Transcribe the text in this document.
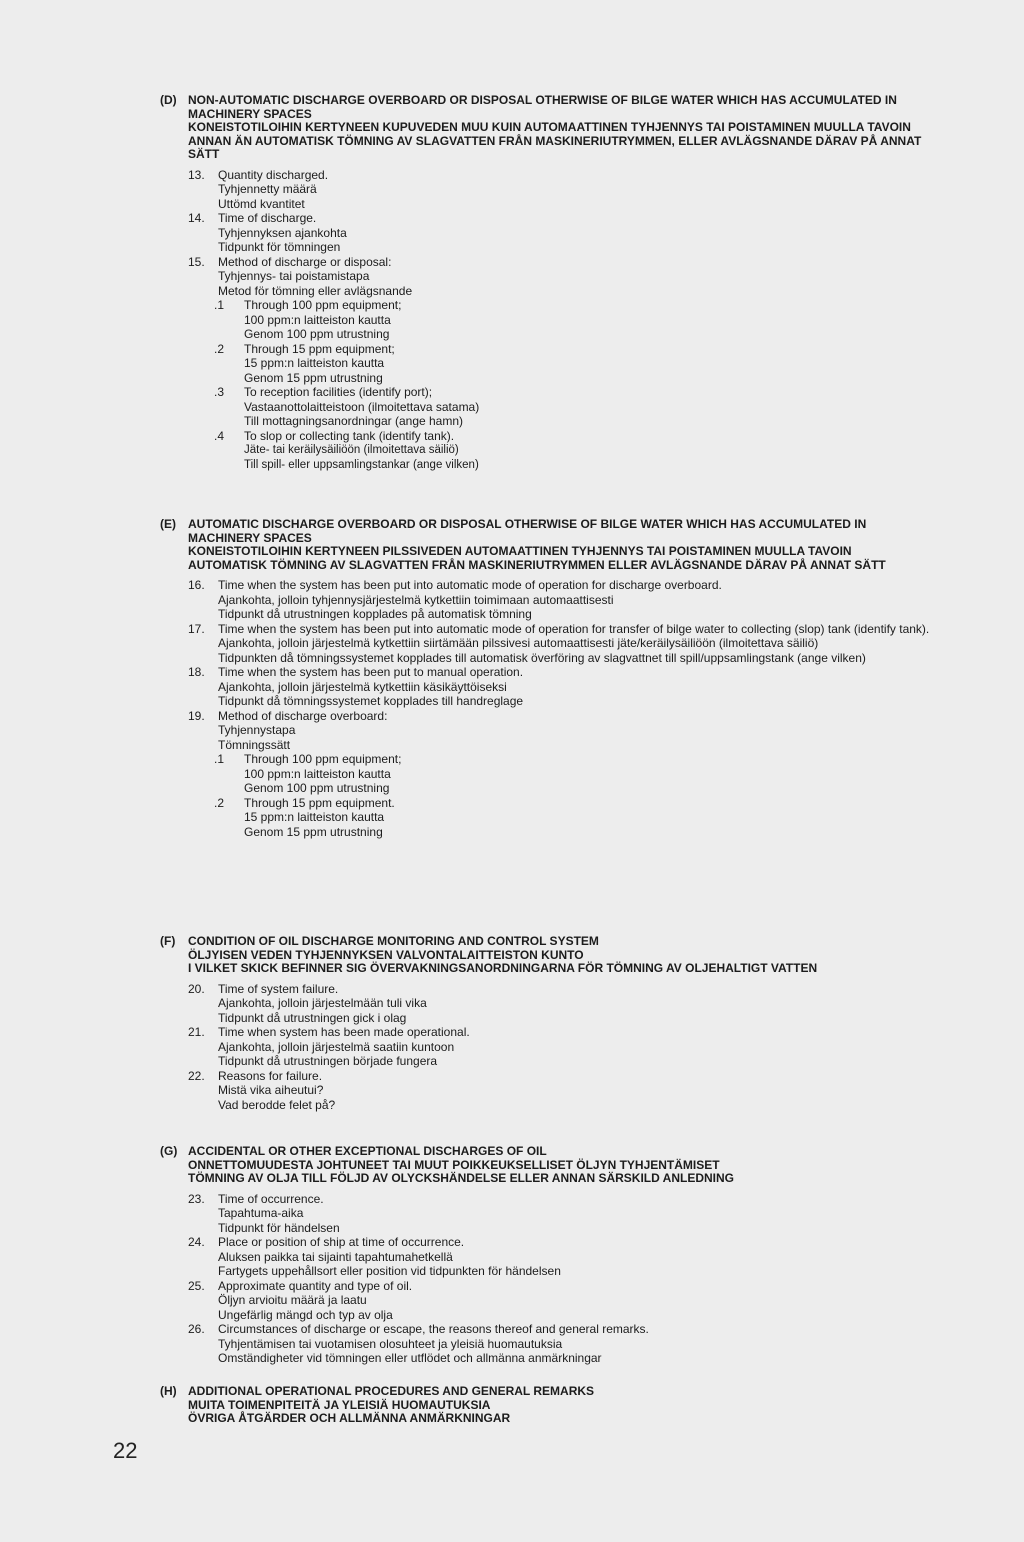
(D) NON-AUTOMATIC DISCHARGE OVERBOARD OR DISPOSAL OTHERWISE OF BILGE WATER WHICH HAS ACCUMULATED IN MACHINERY SPACES
KONEISTOTILOIHIN KERTYNEEN KUPUVEDEN MUU KUIN AUTOMAATTINEN TYHJENNYS TAI POISTAMINEN MUULLA TAVOIN
ANNAN ÄN AUTOMATISK TÖMNING AV SLAGVATTEN FRÅN MASKINERIUTRYMMEN, ELLER AVLÄGSNANDE DÄRAV PÅ ANNAT SÄTT
13. Quantity discharged.
Tyhjennetty määrä
Uttömd kvantitet
14. Time of discharge.
Tyhjennyksen ajankohta
Tidpunkt för tömningen
15. Method of discharge or disposal:
Tyhjennys- tai poistamistapa
Metod för tömning eller avlägsnande
.1 Through 100 ppm equipment;
100 ppm:n laitteiston kautta
Genom 100 ppm utrustning
.2 Through 15 ppm equipment;
15 ppm:n laitteiston kautta
Genom 15 ppm utrustning
.3 To reception facilities (identify port);
Vastaanottolaitteistoon (ilmoitettava satama)
Till mottagningsanordningar (ange hamn)
.4 To slop or collecting tank (identify tank).
Jäte- tai keräilysäiliöön (ilmoitettava säiliö)
Till spill- eller uppsamlingstankar (ange vilken)
(E) AUTOMATIC DISCHARGE OVERBOARD OR DISPOSAL OTHERWISE OF BILGE WATER WHICH HAS ACCUMULATED IN MACHINERY SPACES
KONEISTOTILOIHIN KERTYNEEN PILSSIVEDEN AUTOMAATTINEN TYHJENNYS TAI POISTAMINEN MUULLA TAVOIN
AUTOMATISK TÖMNING AV SLAGVATTEN FRÅN MASKINERIUTRYMMEN ELLER AVLÄGSNANDE DÄRAV PÅ ANNAT SÄTT
16. Time when the system has been put into automatic mode of operation for discharge overboard.
Ajankohta, jolloin tyhjennysjärjestelmä kytkettiin toimimaan automaattisesti
Tidpunkt då utrustningen kopplades på automatisk tömning
17. Time when the system has been put into automatic mode of operation for transfer of bilge water to collecting (slop) tank (identify tank).
Ajankohta, jolloin järjestelmä kytkettiin siirtämään pilssivesi automaattisesti jäte/keräilysäiliöön (ilmoitettava säiliö)
Tidpunkten då tömningssystemet kopplades till automatisk överföring av slagvattnet till spill/uppsamlingstank (ange vilken)
18. Time when the system has been put to manual operation.
Ajankohta, jolloin järjestelmä kytkettiin käsikäyttöiseksi
Tidpunkt då tömningssystemet kopplades till handreglage
19. Method of discharge overboard:
Tyhjennystapa
Tömningssätt
.1 Through 100 ppm equipment;
100 ppm:n laitteiston kautta
Genom 100 ppm utrustning
.2 Through 15 ppm equipment.
15 ppm:n laitteiston kautta
Genom 15 ppm utrustning
(F) CONDITION OF OIL DISCHARGE MONITORING AND CONTROL SYSTEM
ÖLJYISEN VEDEN TYHJENNYKSEN VALVONTALAITTEISTON KUNTO
I VILKET SKICK BEFINNER SIG ÖVERVAKNINGSANORDNINGARNA FÖR TÖMNING AV OLJEHALTIGT VATTEN
20. Time of system failure.
Ajankohta, jolloin järjestelmään tuli vika
Tidpunkt då utrustningen gick i olag
21. Time when system has been made operational.
Ajankohta, jolloin järjestelmä saatiin kuntoon
Tidpunkt då utrustningen började fungera
22. Reasons for failure.
Mistä vika aiheutui?
Vad berodde felet på?
(G) ACCIDENTAL OR OTHER EXCEPTIONAL DISCHARGES OF OIL
ONNETTOMUUDESTA JOHTUNEET TAI MUUT POIKKEUKSELLISET ÖLJYN TYHJENTÄMISET
TÖMNING AV OLJA TILL FÖLJD AV OLYCKSHÄNDELSE ELLER ANNAN SÄRSKILD ANLEDNING
23. Time of occurrence.
Tapahtuma-aika
Tidpunkt för händelsen
24. Place or position of ship at time of occurrence.
Aluksen paikka tai sijainti tapahtumahetkellä
Fartygets uppehållsort eller position vid tidpunkten för händelsen
25. Approximate quantity and type of oil.
Öljyn arvioitu määrä ja laatu
Ungefärlig mängd och typ av olja
26. Circumstances of discharge or escape, the reasons thereof and general remarks.
Tyhjentämisen tai vuotamisen olosuhteet ja yleisiä huomautuksia
Omständigheter vid tömningen eller utflödet och allmänna anmärkningar
(H) ADDITIONAL OPERATIONAL PROCEDURES AND GENERAL REMARKS
MUITA TOIMENPITEITÄ JA YLEISIÄ HUOMAUTUKSIA
ÖVRIGA ÅTGÄRDER OCH ALLMÄNNA ANMÄRKNINGAR
22
